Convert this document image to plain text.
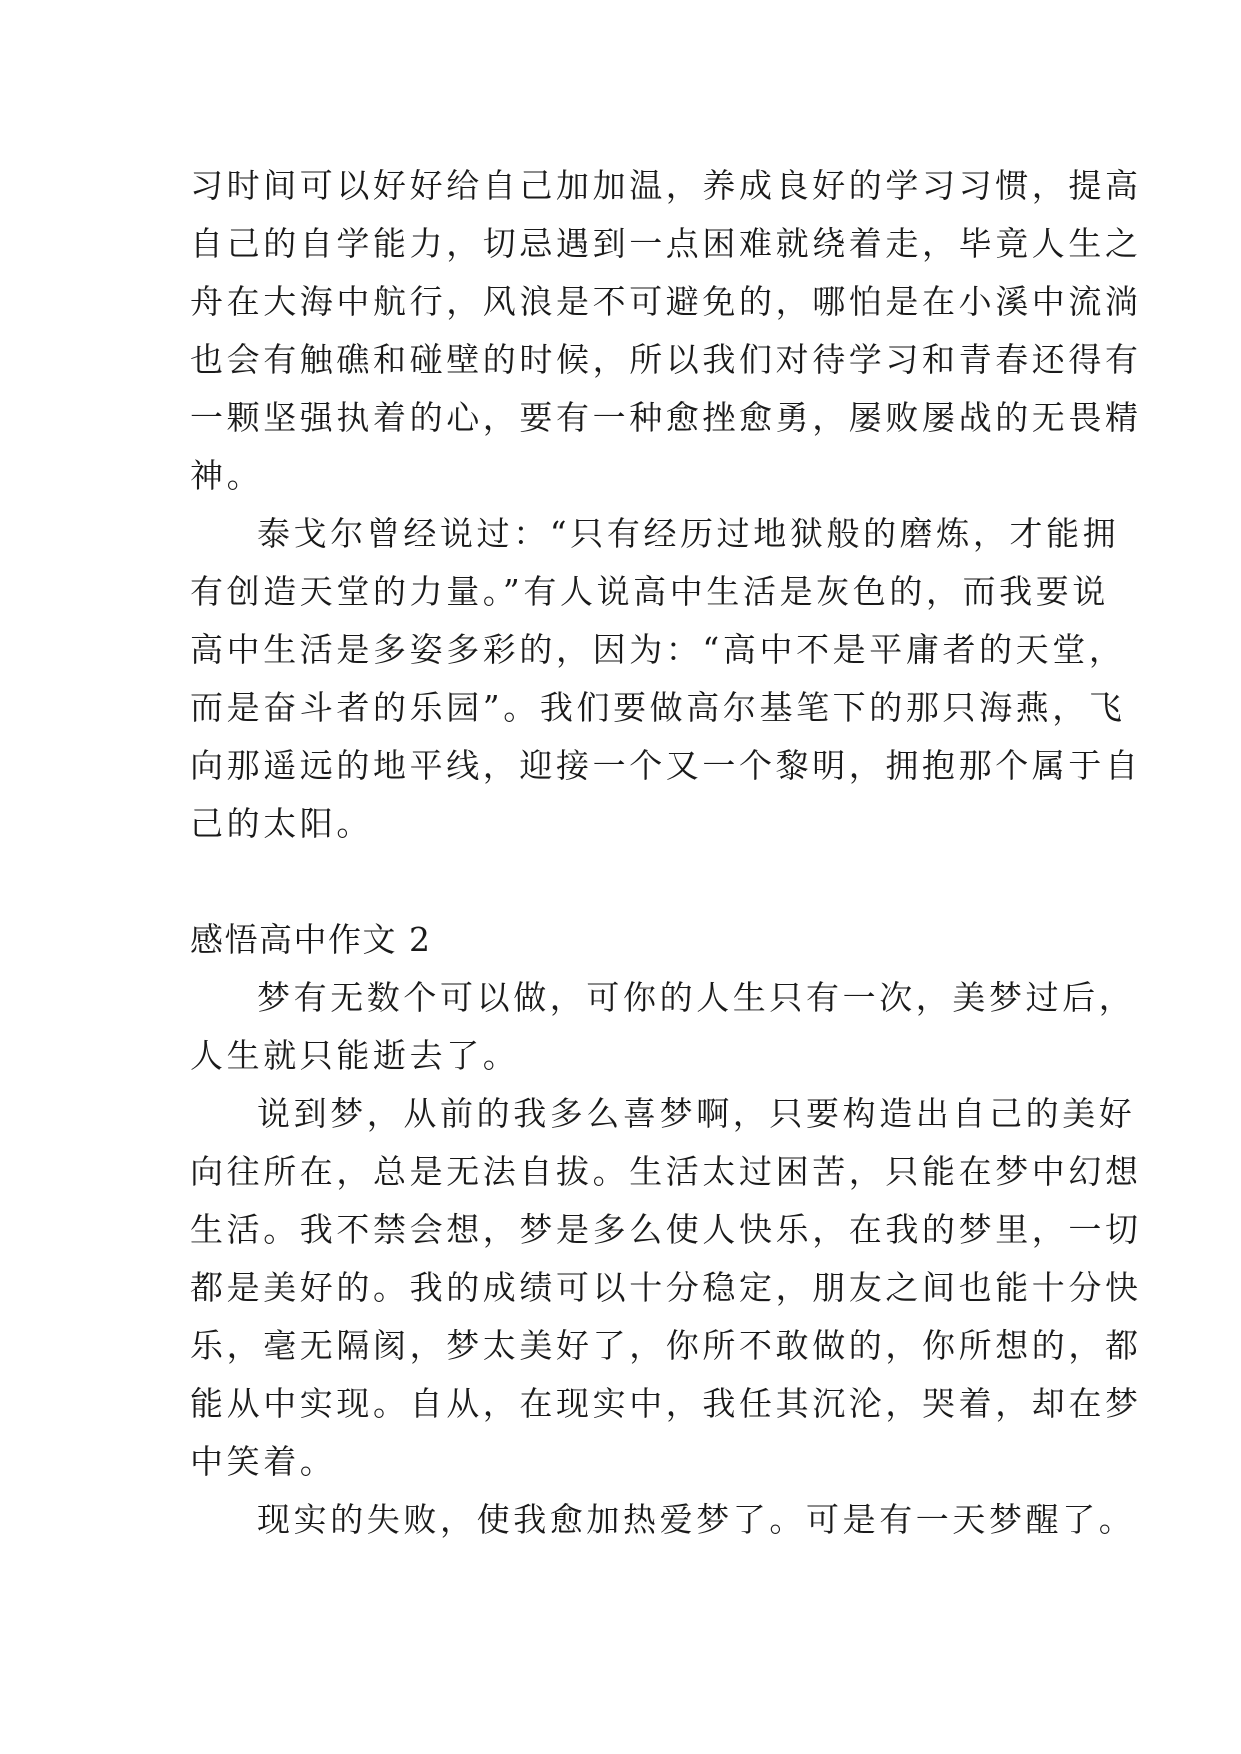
习时间可以好好给自己加加温，养成良好的学习习惯，提高
自己的自学能力，切忌遇到一点困难就绕着走，毕竟人生之
舟在大海中航行，风浪是不可避免的，哪怕是在小溪中流淌
也会有触礁和碰壁的时候，所以我们对待学习和青春还得有
一颗坚强执着的心，要有一种愈挫愈勇，屡败屡战的无畏精
神。
泰戈尔曾经说过：“只有经历过地狱般的磨炼，才能拥
有创造天堂的力量。”有人说高中生活是灰色的，而我要说
高中生活是多姿多彩的，因为：“高中不是平庸者的天堂，
而是奋斗者的乐园”。我们要做高尔基笔下的那只海燕，飞
向那遥远的地平线，迎接一个又一个黎明，拥抱那个属于自
己的太阳。
感悟高中作文 2
梦有无数个可以做，可你的人生只有一次，美梦过后，
人生就只能逝去了。
说到梦，从前的我多么喜梦啊，只要构造出自己的美好
向往所在，总是无法自拔。生活太过困苦，只能在梦中幻想
生活。我不禁会想，梦是多么使人快乐，在我的梦里，一切
都是美好的。我的成绩可以十分稳定，朋友之间也能十分快
乐，毫无隔阂，梦太美好了，你所不敢做的，你所想的，都
能从中实现。自从，在现实中，我任其沉沦，哭着，却在梦
中笑着。
现实的失败，使我愈加热爱梦了。可是有一天梦醒了。
